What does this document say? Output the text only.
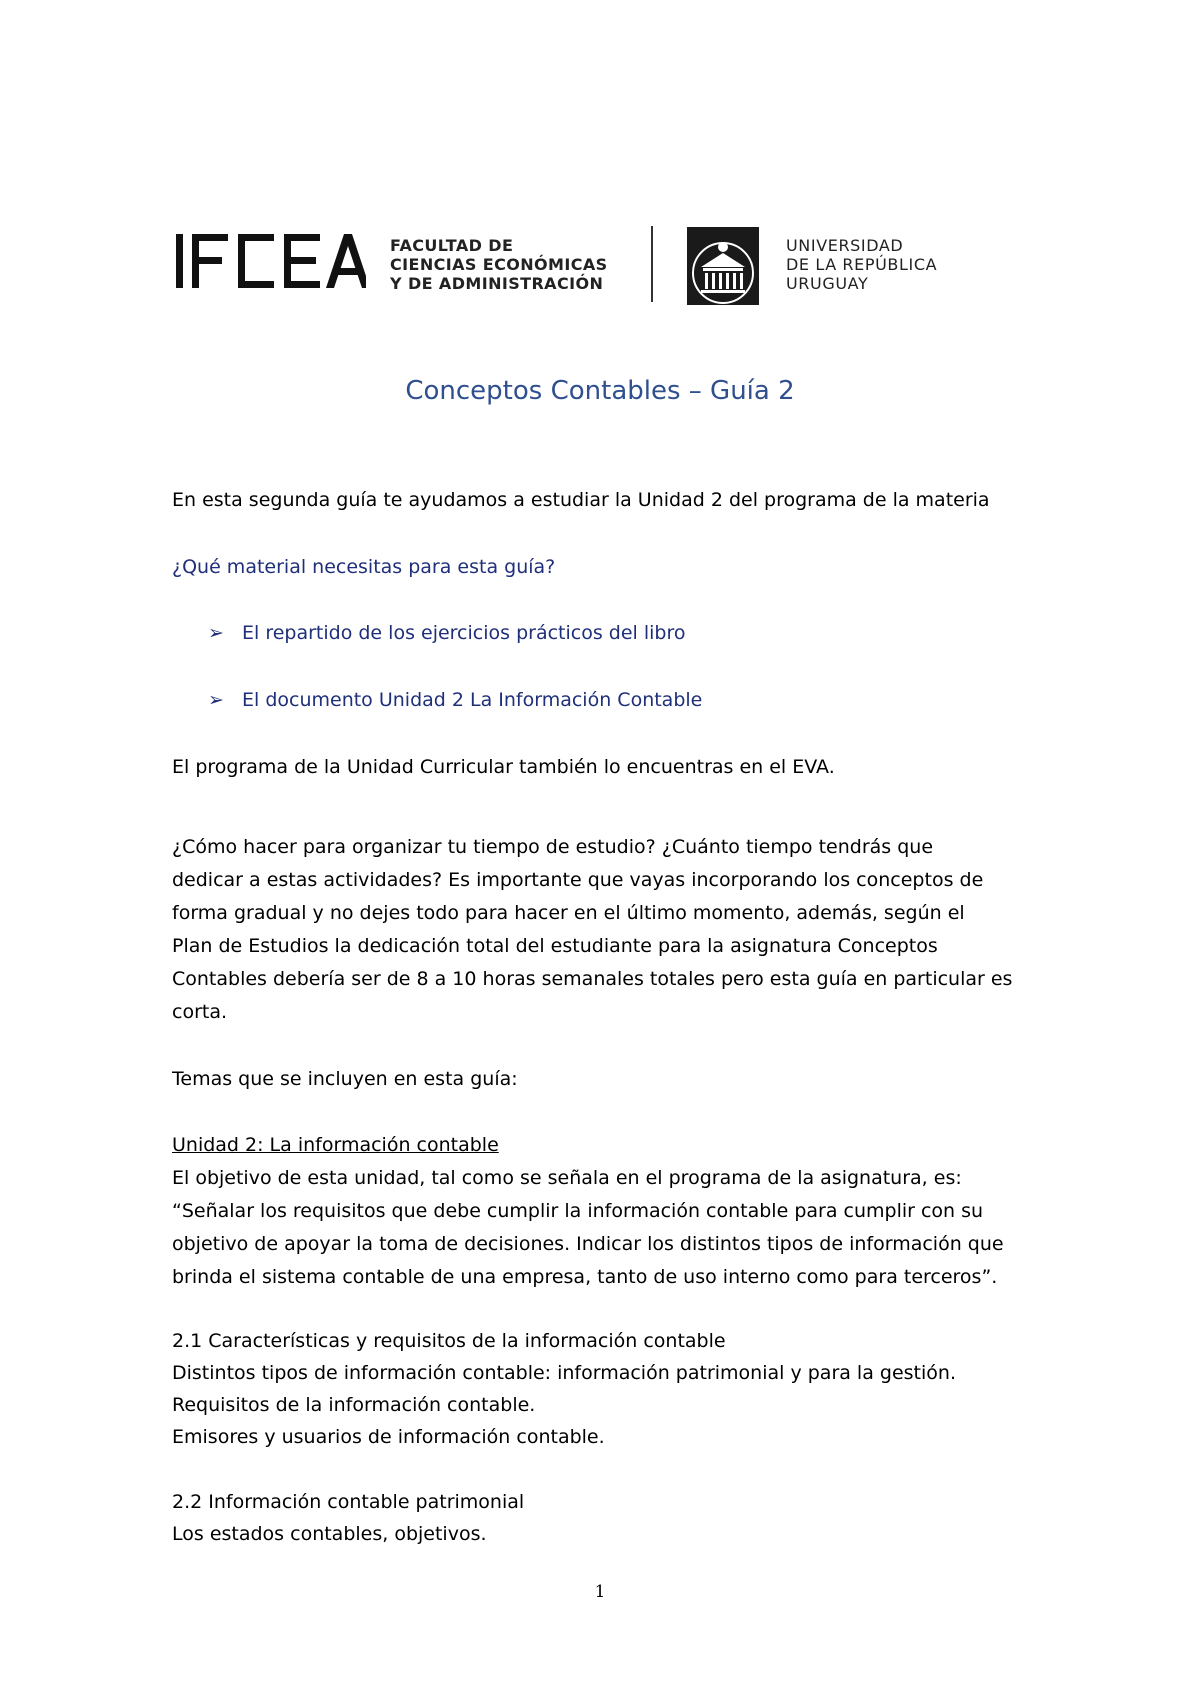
FACULTAD DE
CIENCIAS ECONÓMICAS
Y DE ADMINISTRACIÓN
UNIVERSIDAD
DE LA REPÚBLICA
URUGUAY
Conceptos Contables – Guía 2
En esta segunda guía te ayudamos a estudiar la Unidad 2 del programa de la materia
¿Qué material necesitas para esta guía?
➢ El repartido de los ejercicios prácticos del libro
➢ El documento Unidad 2 La Información Contable
El programa de la Unidad Curricular también lo encuentras en el EVA.
¿Cómo hacer para organizar tu tiempo de estudio? ¿Cuánto tiempo tendrás que
dedicar a estas actividades? Es importante que vayas incorporando los conceptos de
forma gradual y no dejes todo para hacer en el último momento, además, según el
Plan de Estudios la dedicación total del estudiante para la asignatura Conceptos
Contables debería ser de 8 a 10 horas semanales totales pero esta guía en particular es
corta.
Temas que se incluyen en esta guía:
Unidad 2: La información contable
El objetivo de esta unidad, tal como se señala en el programa de la asignatura, es:
“Señalar los requisitos que debe cumplir la información contable para cumplir con su
objetivo de apoyar la toma de decisiones. Indicar los distintos tipos de información que
brinda el sistema contable de una empresa, tanto de uso interno como para terceros”.
2.1 Características y requisitos de la información contable
Distintos tipos de información contable: información patrimonial y para la gestión.
Requisitos de la información contable.
Emisores y usuarios de información contable.
2.2 Información contable patrimonial
Los estados contables, objetivos.
1
